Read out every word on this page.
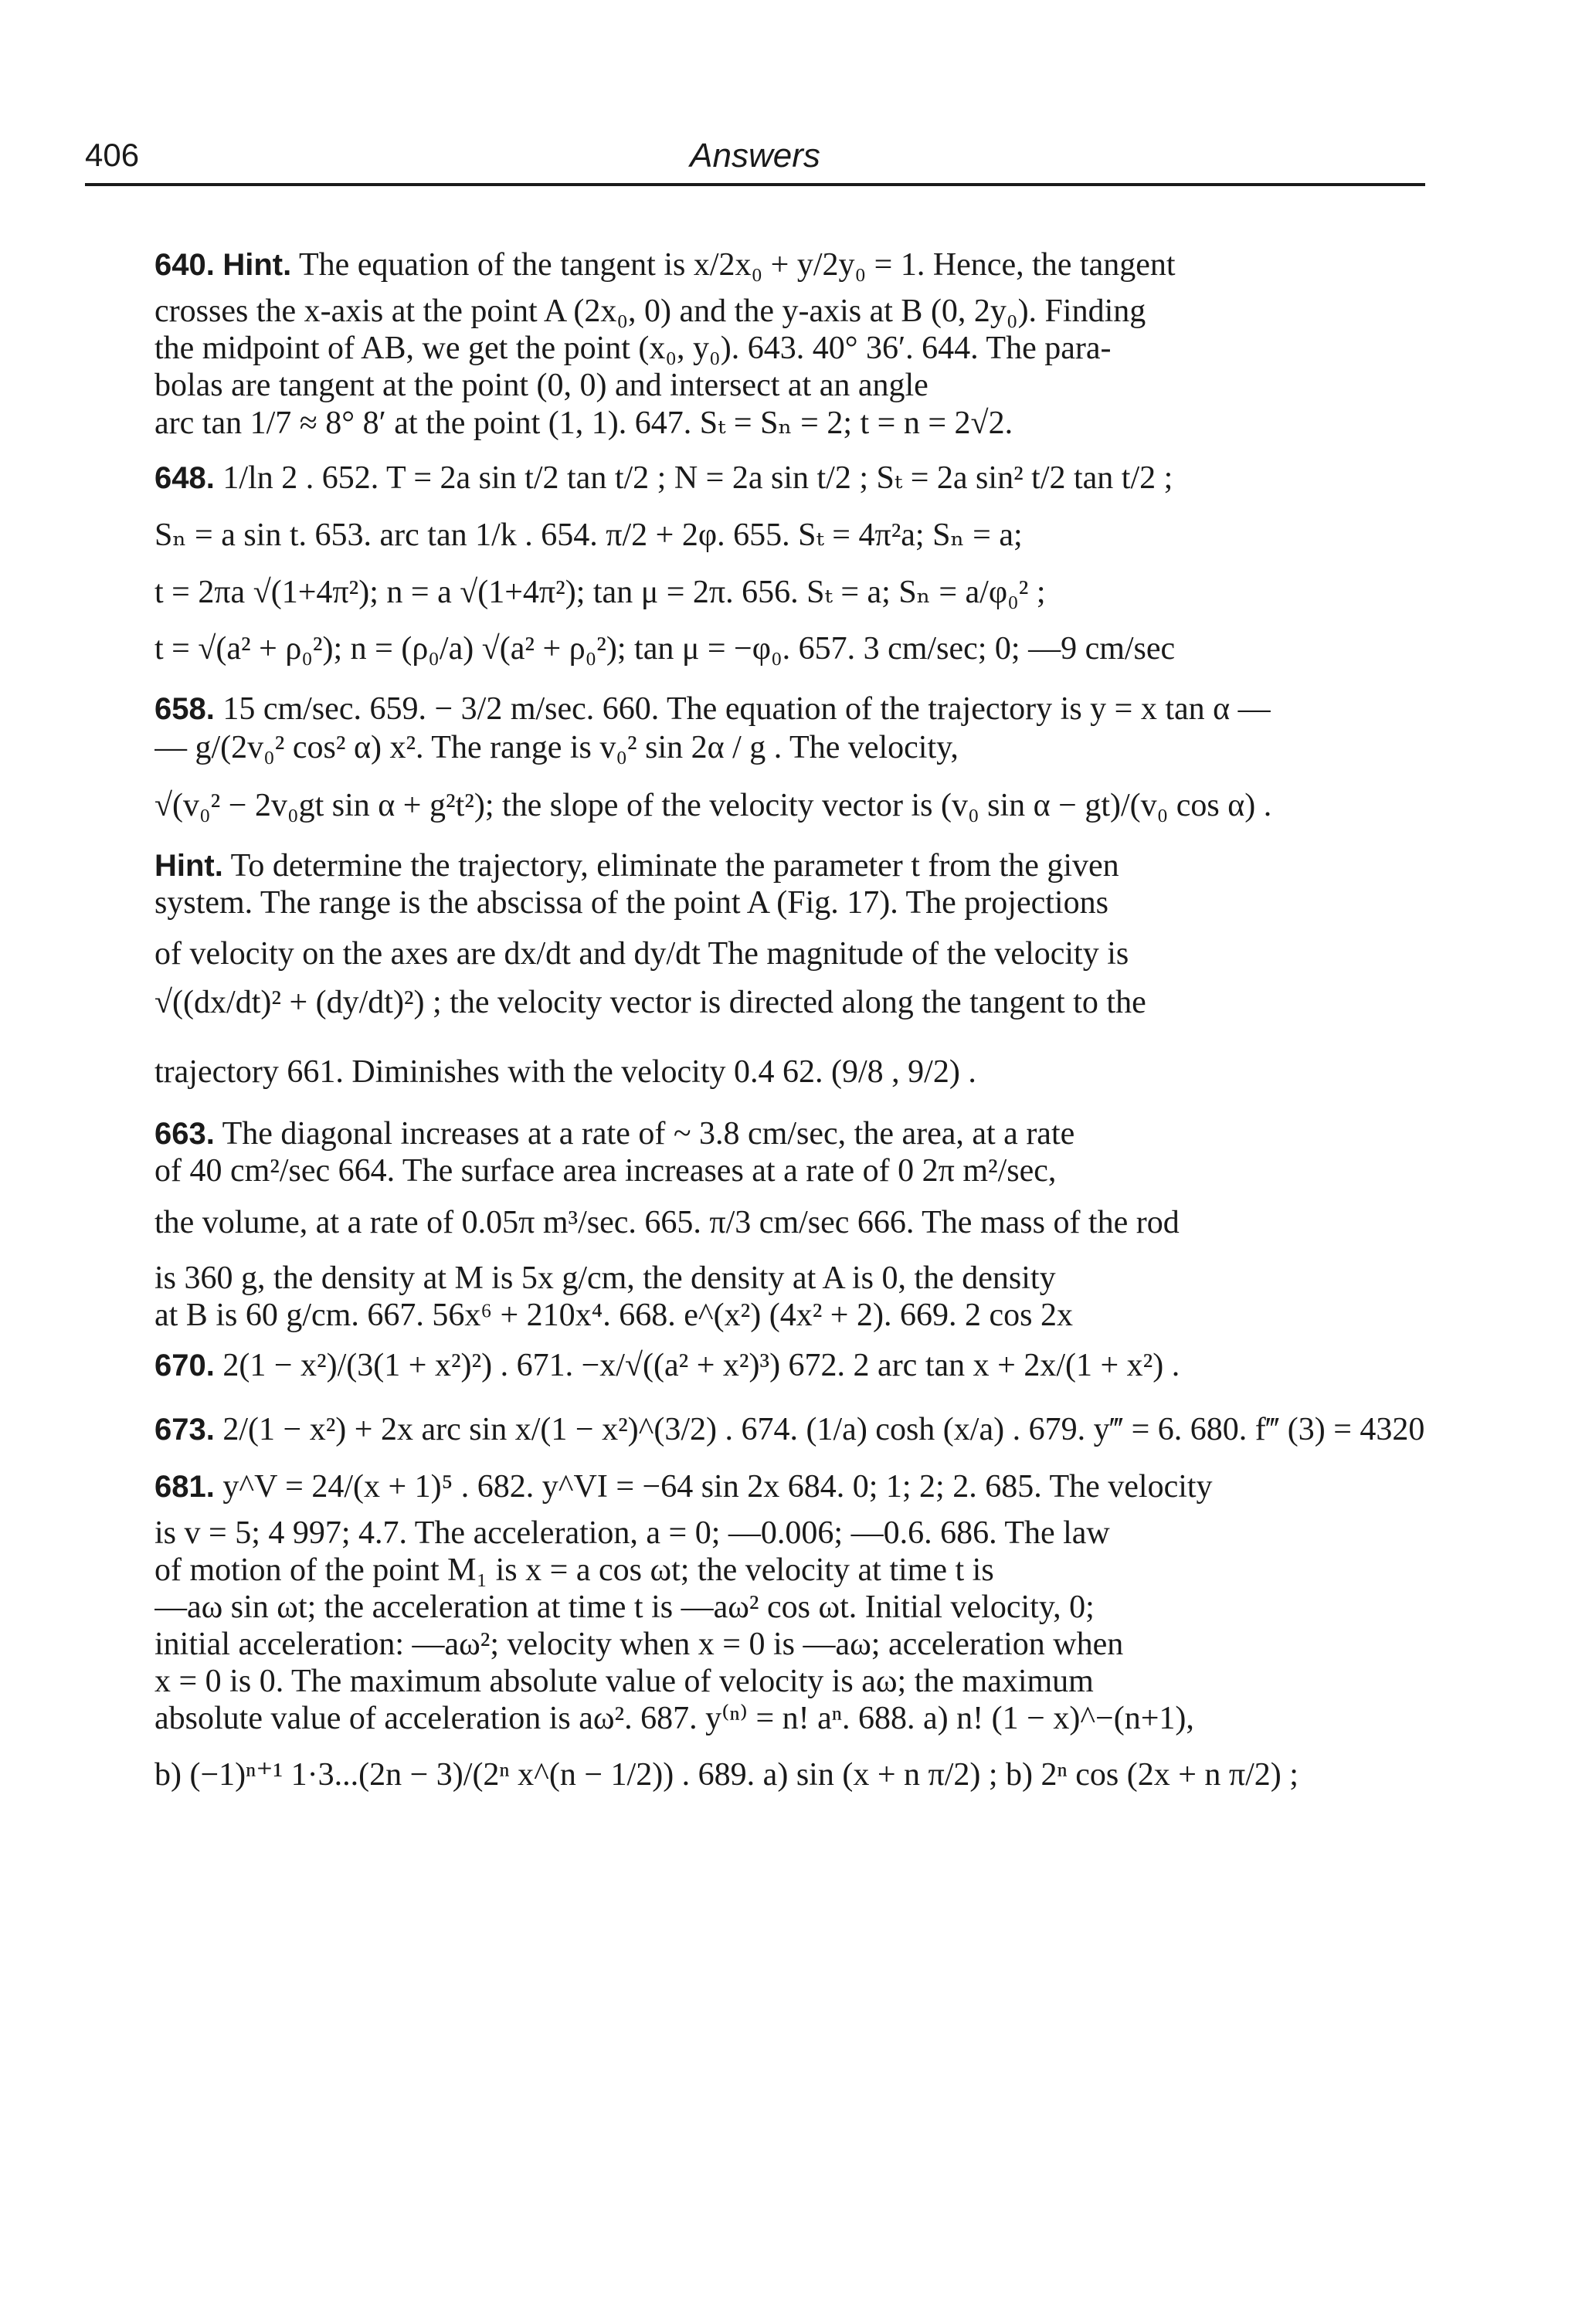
406	Answers
640. Hint. The equation of the tangent is x/2x₀ + y/2y₀ = 1. Hence, the tangent
crosses the x-axis at the point A (2x₀, 0) and the y-axis at B (0, 2y₀). Finding
the midpoint of AB, we get the point (x₀, y₀). 643. 40° 36′. 644. The para-
bolas are tangent at the point (0, 0) and intersect at an angle
arc tan 1/7 ≈ 8° 8′ at the point (1, 1). 647. Sₜ = Sₙ = 2; t = n = 2√2.
648. 1/ln 2 . 652. T = 2a sin t/2 tan t/2 ; N = 2a sin t/2 ; Sₜ = 2a sin² t/2 tan t/2 ;
Sₙ = a sin t. 653. arc tan 1/k . 654. π/2 + 2φ. 655. Sₜ = 4π²a; Sₙ = a;
t = 2πa √(1+4π²); n = a √(1+4π²); tan μ = 2π. 656. Sₜ = a; Sₙ = a/φ₀² ;
t = √(a² + ρ₀²); n = (ρ₀/a) √(a² + ρ₀²); tan μ = −φ₀. 657. 3 cm/sec; 0; —9 cm/sec
658. 15 cm/sec. 659. − 3/2 m/sec. 660. The equation of the trajectory is y = x tan α —
— g/(2v₀² cos² α) x². The range is v₀² sin 2α / g . The velocity,
√(v₀² − 2v₀gt sin α + g²t²); the slope of the velocity vector is (v₀ sin α − gt)/(v₀ cos α) .
Hint. To determine the trajectory, eliminate the parameter t from the given
system. The range is the abscissa of the point A (Fig. 17). The projections
of velocity on the axes are dx/dt and dy/dt The magnitude of the velocity is
√((dx/dt)² + (dy/dt)²) ; the velocity vector is directed along the tangent to the
trajectory 661. Diminishes with the velocity 0.4 62. (9/8 , 9/2) .
663. The diagonal increases at a rate of ~ 3.8 cm/sec, the area, at a rate
of 40 cm²/sec 664. The surface area increases at a rate of 0 2π m²/sec,
the volume, at a rate of 0.05π m³/sec. 665. π/3 cm/sec 666. The mass of the rod
is 360 g, the density at M is 5x g/cm, the density at A is 0, the density
at B is 60 g/cm. 667. 56x⁶ + 210x⁴. 668. e^(x²) (4x² + 2). 669. 2 cos 2x
670. 2(1 − x²)/(3(1 + x²)²) . 671. −x/√((a² + x²)³) 672. 2 arc tan x + 2x/(1 + x²) .
673. 2/(1 − x²) + 2x arc sin x/(1 − x²)^(3/2) . 674. (1/a) cosh (x/a) . 679. y‴ = 6. 680. f‴ (3) = 4320
681. y^V = 24/(x + 1)⁵ . 682. y^VI = −64 sin 2x 684. 0; 1; 2; 2. 685. The velocity
is v = 5; 4 997; 4.7. The acceleration, a = 0; —0.006; —0.6. 686. The law
of motion of the point M₁ is x = a cos ωt; the velocity at time t is
—aω sin ωt; the acceleration at time t is —aω² cos ωt. Initial velocity, 0;
initial acceleration: —aω²; velocity when x = 0 is —aω; acceleration when
x = 0 is 0. The maximum absolute value of velocity is aω; the maximum
absolute value of acceleration is aω². 687. y⁽ⁿ⁾ = n! aⁿ. 688. a) n! (1 − x)^−(n+1),
b) (−1)ⁿ⁺¹ 1·3...(2n − 3)/(2ⁿ x^(n − 1/2)) . 689. a) sin (x + n π/2) ; b) 2ⁿ cos (2x + n π/2) ;
